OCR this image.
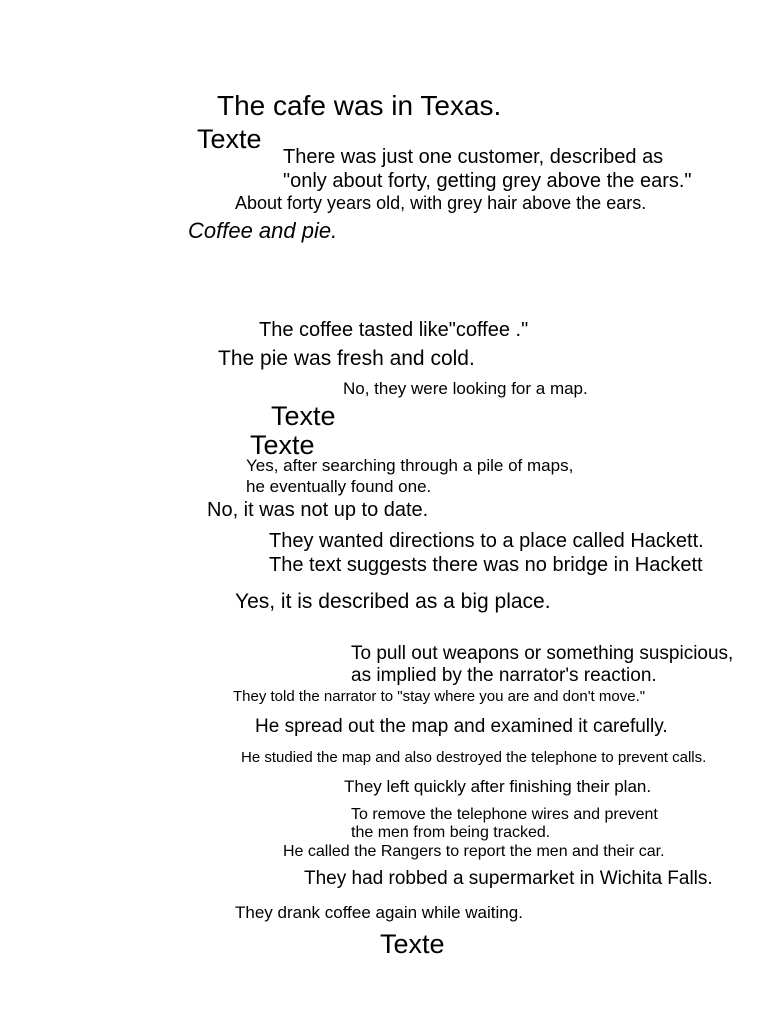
The cafe was in Texas.
Texte
There was just one customer, described as
"only about forty, getting grey above the ears."
About forty years old, with grey hair above the ears.
Coffee and pie.
The coffee tasted like"coffee ."
The pie was fresh and cold.
No, they were looking for a map.
Texte
Texte
Yes, after searching through a pile of maps,
he eventually found one.
No, it was not up to date.
They wanted directions to a place called Hackett.
The text suggests there was no bridge in Hackett
Yes, it is described as a big place.
To pull out weapons or something suspicious,
as implied by the narrator's reaction.
They told the narrator to "stay where you are and don't move."
He spread out the map and examined it carefully.
He studied the map and also destroyed the telephone to prevent calls.
They left quickly after finishing their plan.
To remove the telephone wires and prevent
the men from being tracked.
He called the Rangers to report the men and their car.
They had robbed a supermarket in Wichita Falls.
They drank coffee again while waiting.
Texte
